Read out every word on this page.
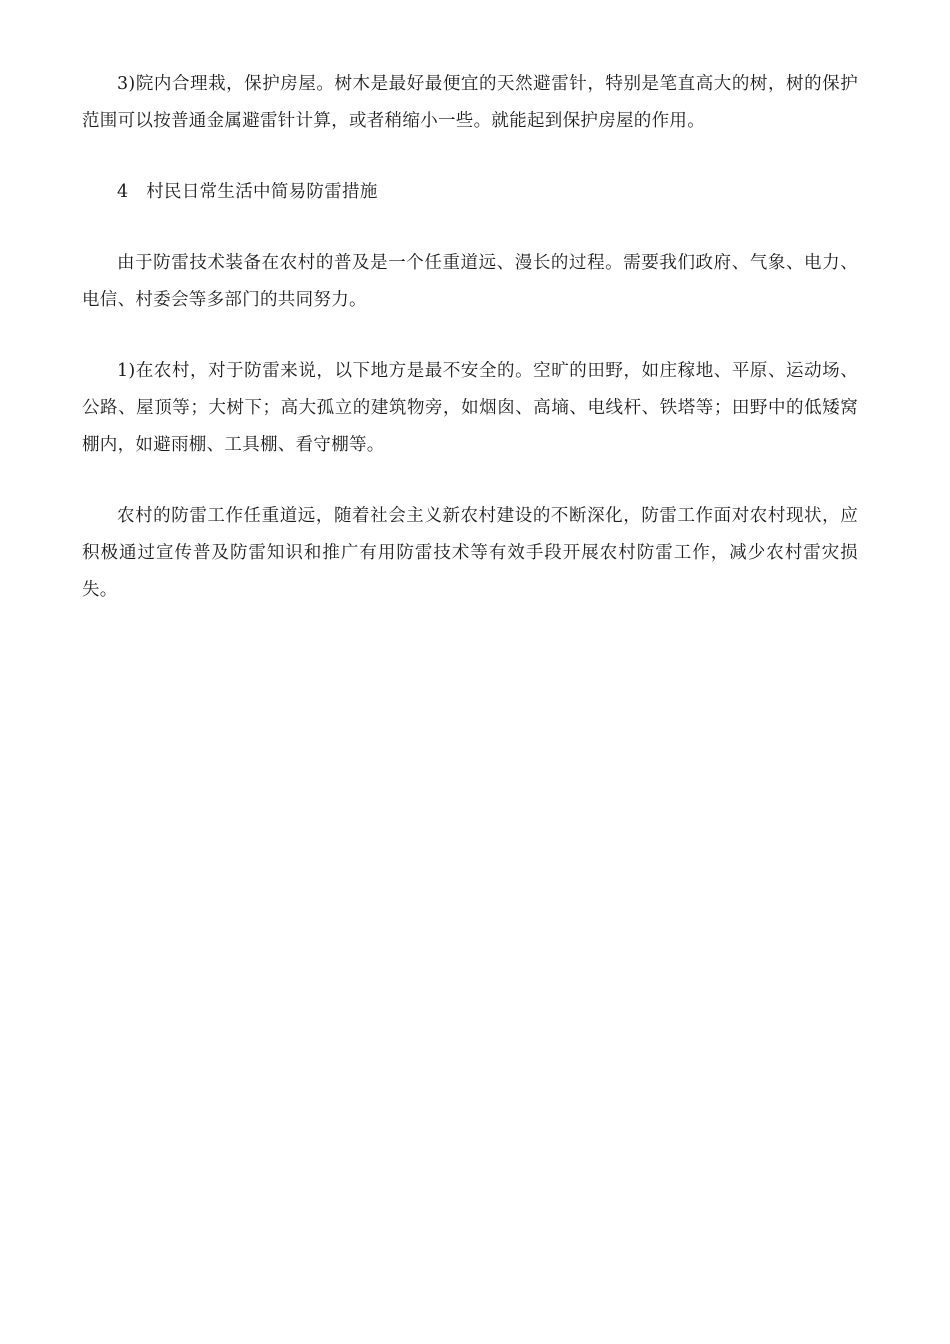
3)院内合理栽，保护房屋。树木是最好最便宜的天然避雷针，特别是笔直高大的树，树的保护范围可以按普通金属避雷针计算，或者稍缩小一些。就能起到保护房屋的作用。

4　村民日常生活中简易防雷措施

由于防雷技术装备在农村的普及是一个任重道远、漫长的过程。需要我们政府、气象、电力、电信、村委会等多部门的共同努力。

1)在农村，对于防雷来说，以下地方是最不安全的。空旷的田野，如庄稼地、平原、运动场、公路、屋顶等；大树下；高大孤立的建筑物旁，如烟囱、高墒、电线杆、铁塔等；田野中的低矮窝棚内，如避雨棚、工具棚、看守棚等。

农村的防雷工作任重道远，随着社会主义新农村建设的不断深化，防雷工作面对农村现状，应积极通过宣传普及防雷知识和推广有用防雷技术等有效手段开展农村防雷工作，减少农村雷灾损失。
